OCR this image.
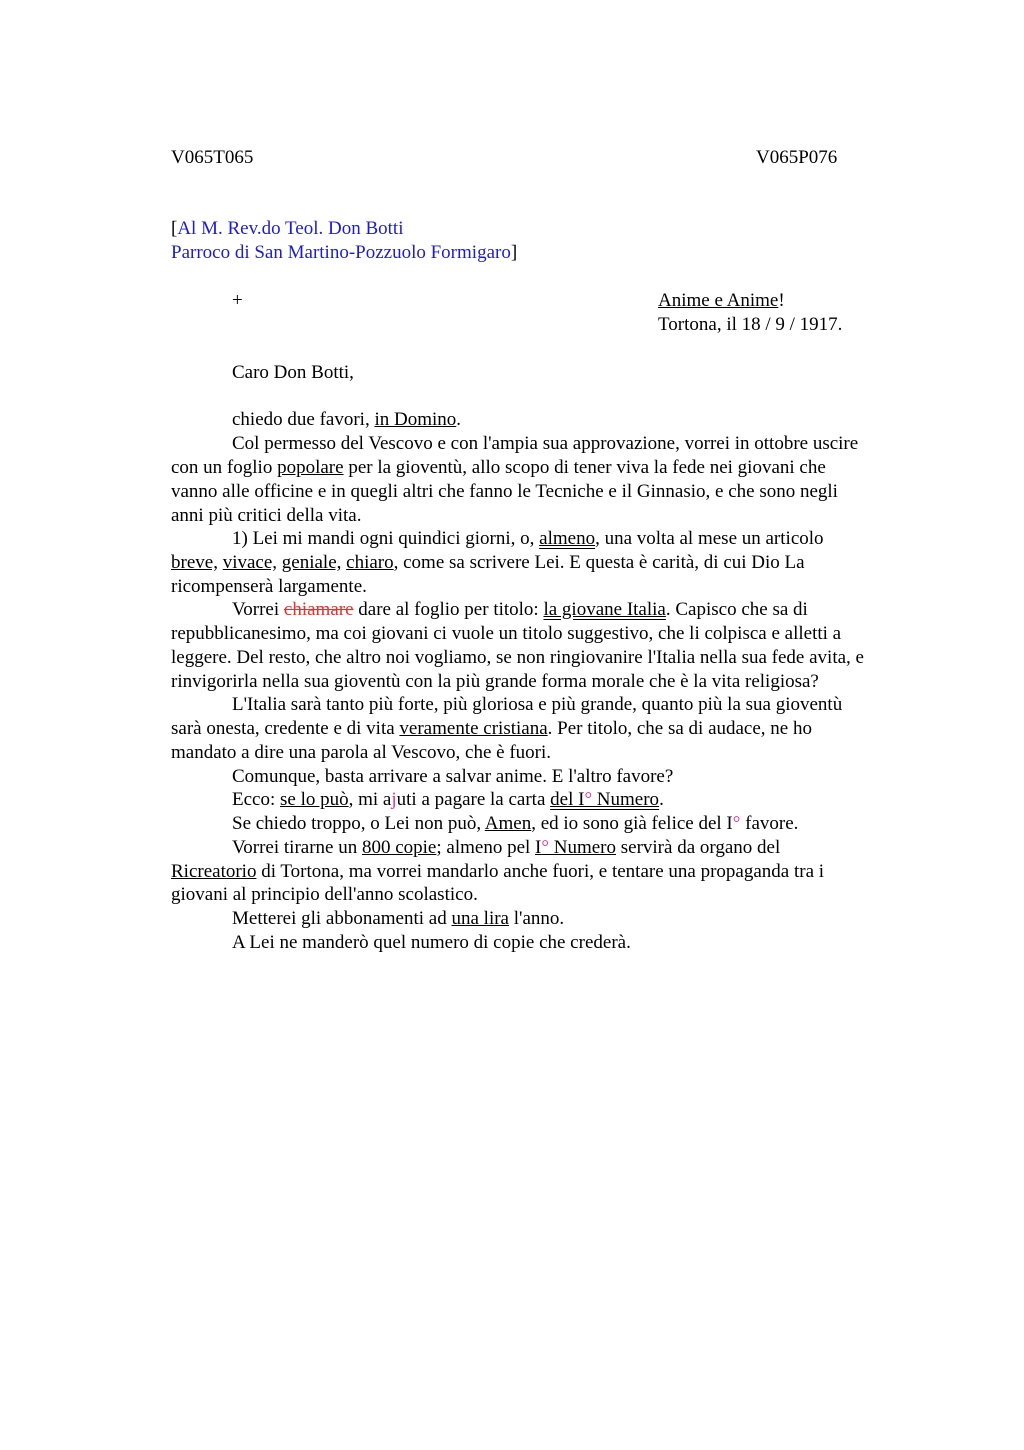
V065T065	V065P076
[Al M. Rev.do Teol. Don Botti
Parroco di San Martino-Pozzuolo Formigaro]
+	Anime e Anime!
Tortona, il 18 / 9 / 1917.
Caro Don Botti,
chiedo due favori, in Domino.
Col permesso del Vescovo e con l'ampia sua approvazione, vorrei in ottobre uscire
con un foglio popolare per la gioventù, allo scopo di tener viva la fede nei giovani che
vanno alle officine e in quegli altri che fanno le Tecniche e il Ginnasio, e che sono negli
anni più critici della vita.
1) Lei mi mandi ogni quindici giorni, o, almeno, una volta al mese un articolo
breve, vivace, geniale, chiaro, come sa scrivere Lei. E questa è carità, di cui Dio La
ricompenserà largamente.
Vorrei chiamare dare al foglio per titolo: la giovane Italia. Capisco che sa di
repubblicanesimo, ma coi giovani ci vuole un titolo suggestivo, che li colpisca e alletti a
leggere. Del resto, che altro noi vogliamo, se non ringiovanire l'Italia nella sua fede avita, e
rinvigorirla nella sua gioventù con la più grande forma morale che è la vita religiosa?
L'Italia sarà tanto più forte, più gloriosa e più grande, quanto più la sua gioventù
sarà onesta, credente e di vita veramente cristiana. Per titolo, che sa di audace, ne ho
mandato a dire una parola al Vescovo, che è fuori.
Comunque, basta arrivare a salvar anime. E l'altro favore?
Ecco: se lo può, mi ajuti a pagare la carta del I° Numero.
Se chiedo troppo, o Lei non può, Amen, ed io sono già felice del I° favore.
Vorrei tirarne un 800 copie; almeno pel I° Numero servirà da organo del
Ricreatorio di Tortona, ma vorrei mandarlo anche fuori, e tentare una propaganda tra i
giovani al principio dell'anno scolastico.
Metterei gli abbonamenti ad una lira l'anno.
A Lei ne manderò quel numero di copie che crederà.
